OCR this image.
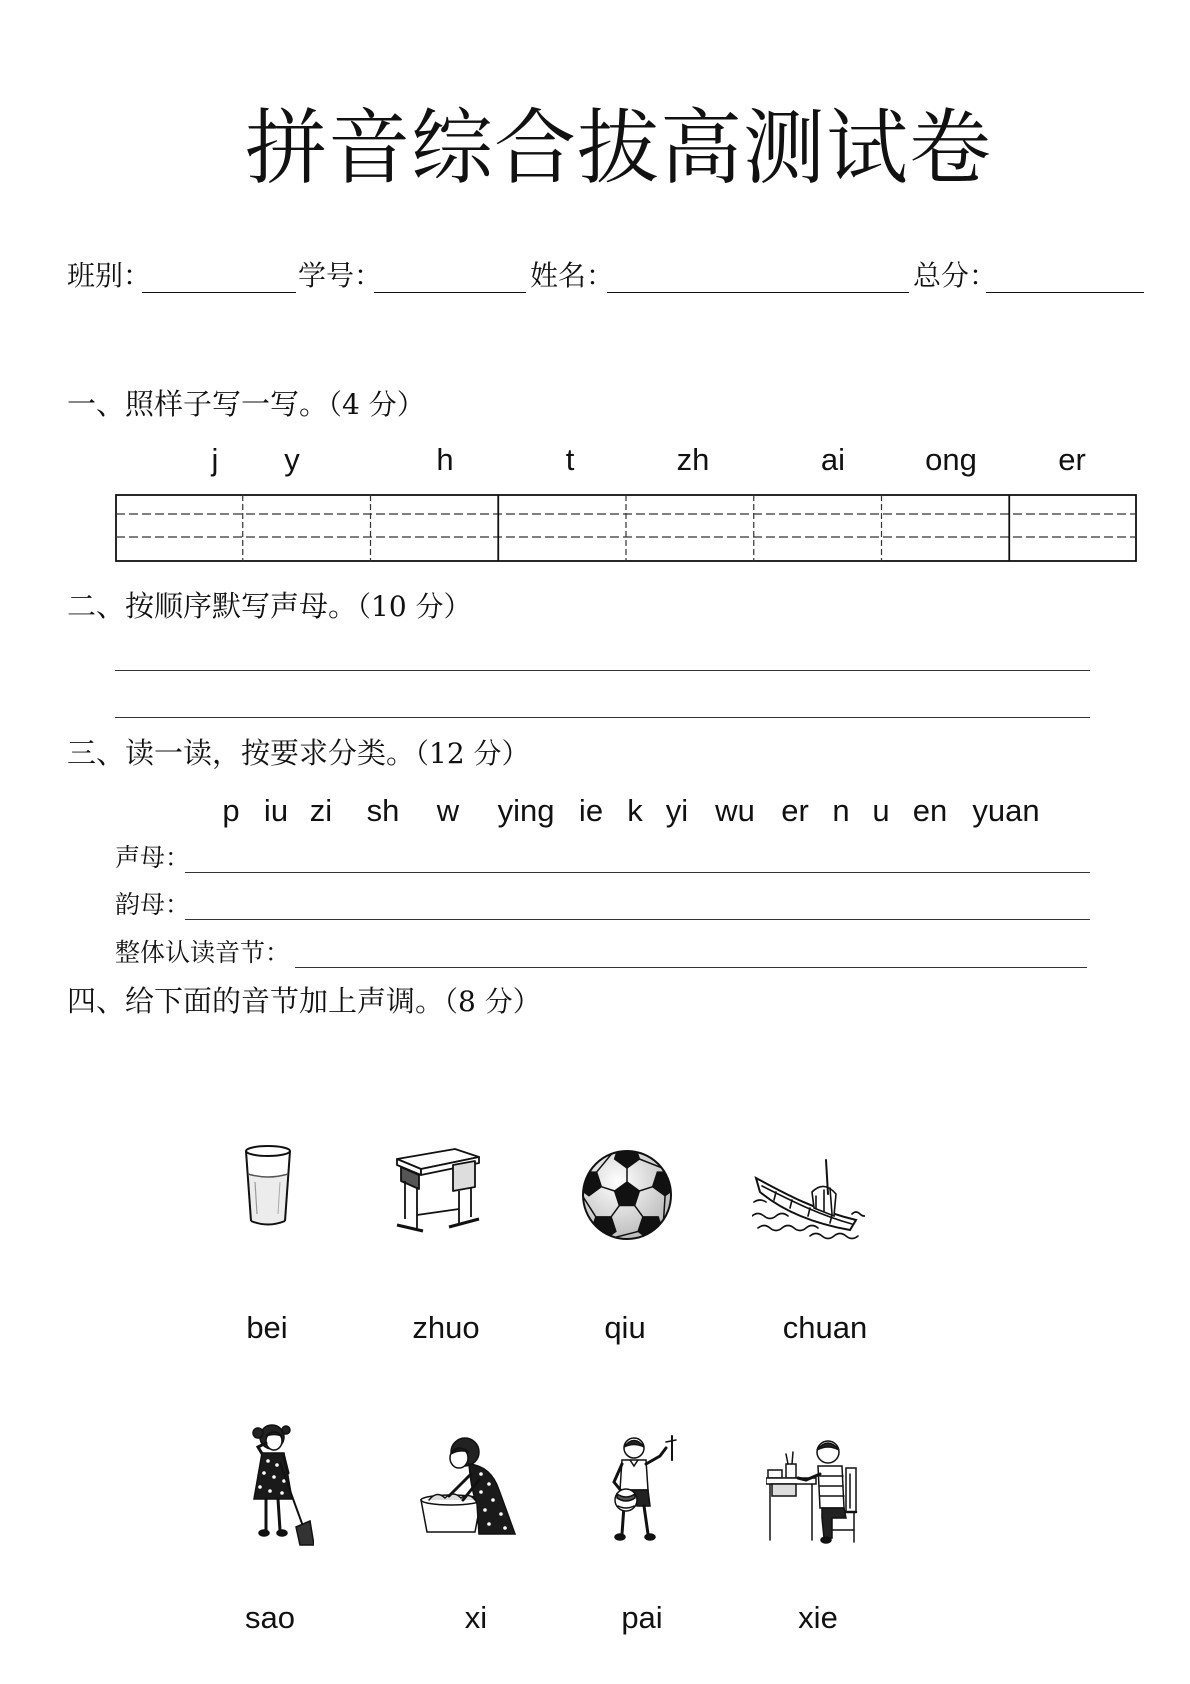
拼音综合拔高测试卷
班别：	学号：	姓名：	总分：
一、照样子写一写。（4 分）
j y	h	t	zh	ai	ong	er
二、按顺序默写声母。（10 分）
三、读一读，按要求分类。（12 分）
p iu zi sh w ying ie k yi wu er n u en yuan
声母：
韵母：
整体认读音节：
四、给下面的音节加上声调。（8 分）
bei	zhuo	qiu	chuan
sao	xi	pai	xie
